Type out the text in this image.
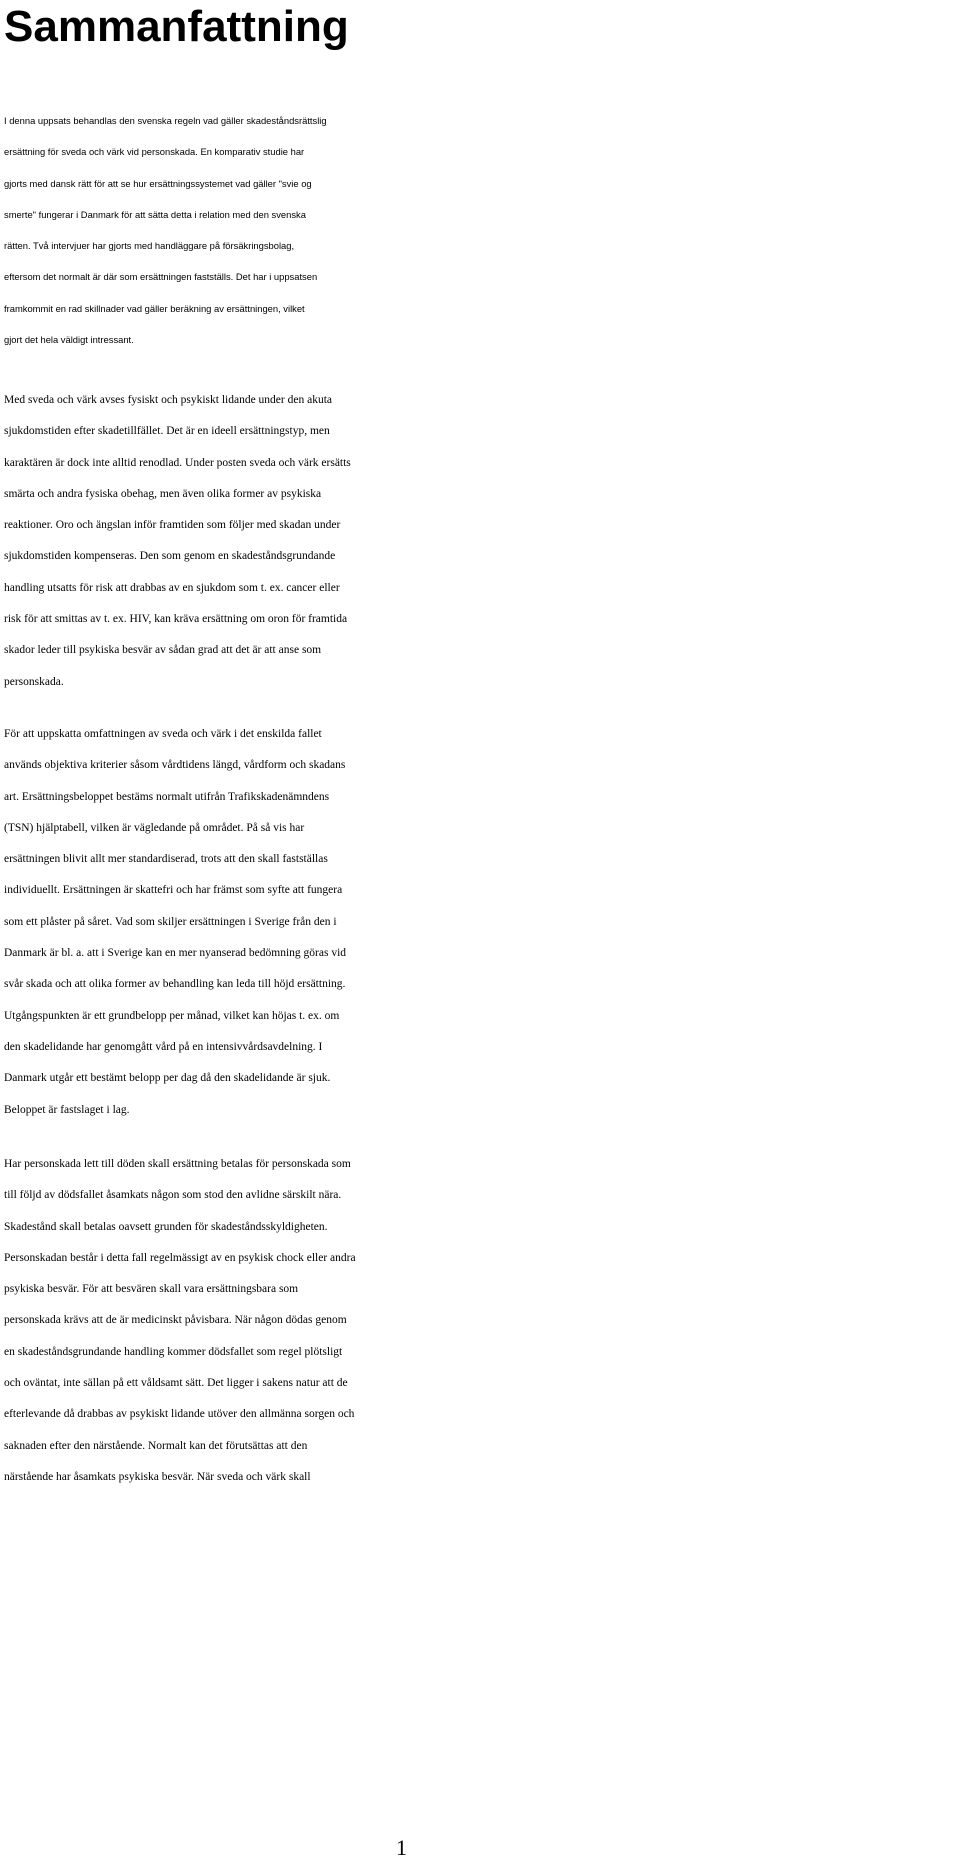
Sammanfattning
I denna uppsats behandlas den svenska regeln vad gäller skadeståndsrättslig
ersättning för sveda och värk vid personskada. En komparativ studie har
gjorts med dansk rätt för att se hur ersättningssystemet vad gäller "svie og
smerte" fungerar i Danmark för att sätta detta i relation med den svenska
rätten. Två intervjuer har gjorts med handläggare på försäkringsbolag,
eftersom det normalt är där som ersättningen fastställs. Det har i uppsatsen
framkommit en rad skillnader vad gäller beräkning av ersättningen, vilket
gjort det hela väldigt intressant.
Med sveda och värk avses fysiskt och psykiskt lidande under den akuta
sjukdomstiden efter skadetillfället. Det är en ideell ersättningstyp, men
karaktären är dock inte alltid renodlad. Under posten sveda och värk ersätts
smärta och andra fysiska obehag, men även olika former av psykiska
reaktioner. Oro och ängslan inför framtiden som följer med skadan under
sjukdomstiden kompenseras. Den som genom en skadeståndsgrundande
handling utsatts för risk att drabbas av en sjukdom som t. ex. cancer eller
risk för att smittas av t. ex. HIV, kan kräva ersättning om oron för framtida
skador leder till psykiska besvär av sådan grad att det är att anse som
personskada.
För att uppskatta omfattningen av sveda och värk i det enskilda fallet
används objektiva kriterier såsom vårdtidens längd, vårdform och skadans
art. Ersättningsbeloppet bestäms normalt utifrån Trafikskadenämndens
(TSN) hjälptabell, vilken är vägledande på området. På så vis har
ersättningen blivit allt mer standardiserad, trots att den skall fastställas
individuellt. Ersättningen är skattefri och har främst som syfte att fungera
som ett plåster på såret. Vad som skiljer ersättningen i Sverige från den i
Danmark är bl. a. att i Sverige kan en mer nyanserad bedömning göras vid
svår skada och att olika former av behandling kan leda till höjd ersättning.
Utgångspunkten är ett grundbelopp per månad, vilket kan höjas t. ex. om
den skadelidande har genomgått vård på en intensivvårdsavdelning. I
Danmark utgår ett bestämt belopp per dag då den skadelidande är sjuk.
Beloppet är fastslaget i lag.
Har personskada lett till döden skall ersättning betalas för personskada som
till följd av dödsfallet åsamkats någon som stod den avlidne särskilt nära.
Skadestånd skall betalas oavsett grunden för skadeståndsskyldigheten.
Personskadan består i detta fall regelmässigt av en psykisk chock eller andra
psykiska besvär. För att besvären skall vara ersättningsbara som
personskada krävs att de är medicinskt påvisbara. När någon dödas genom
en skadeståndsgrundande handling kommer dödsfallet som regel plötsligt
och oväntat, inte sällan på ett våldsamt sätt. Det ligger i sakens natur att de
efterlevande då drabbas av psykiskt lidande utöver den allmänna sorgen och
saknaden efter den närstående. Normalt kan det förutsättas att den
närstående har åsamkats psykiska besvär. När sveda och värk skall
1
